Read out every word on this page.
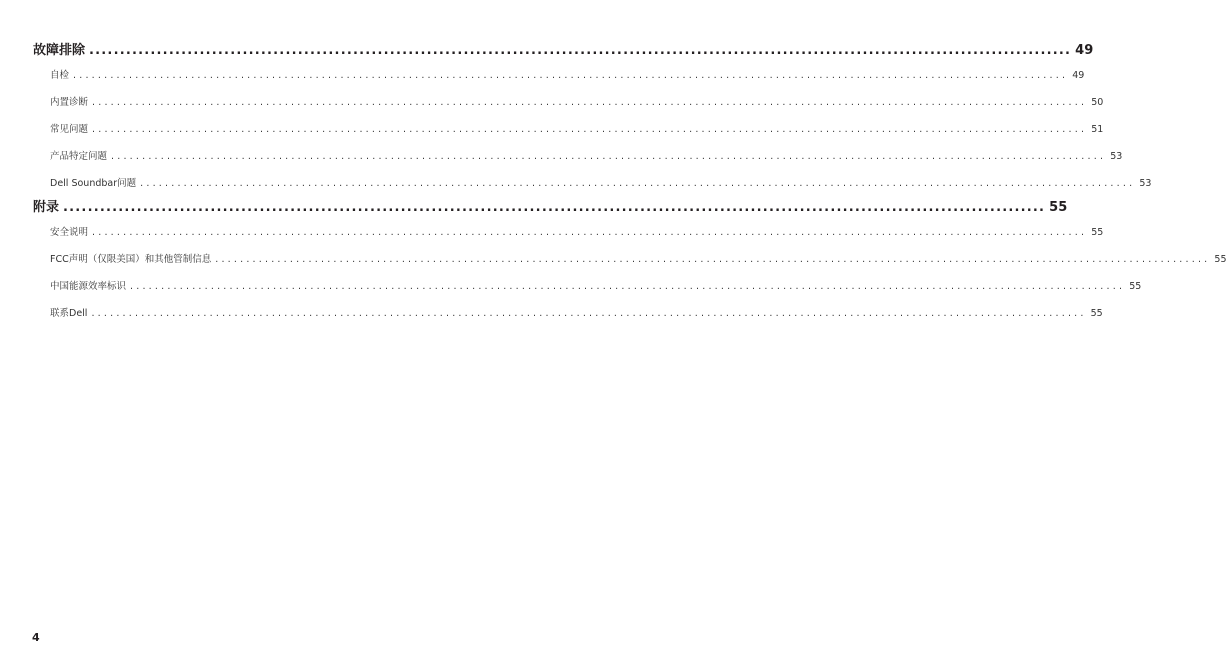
故障排除 ................................................................................................................................................................ 49
自检 ................................................................................................................................................................ 49
内置诊断 ................................................................................................................................................................ 50
常见问题 ................................................................................................................................................................ 51
产品特定问题 ................................................................................................................................................................ 53
Dell Soundbar问题 ................................................................................................................................................................ 53
附录 ................................................................................................................................................................ 55
安全说明 ................................................................................................................................................................ 55
FCC声明（仅限美国）和其他管制信息 ................................................................................................................................................................ 55
中国能源效率标识 ................................................................................................................................................................ 55
联系Dell ................................................................................................................................................................ 55
4
